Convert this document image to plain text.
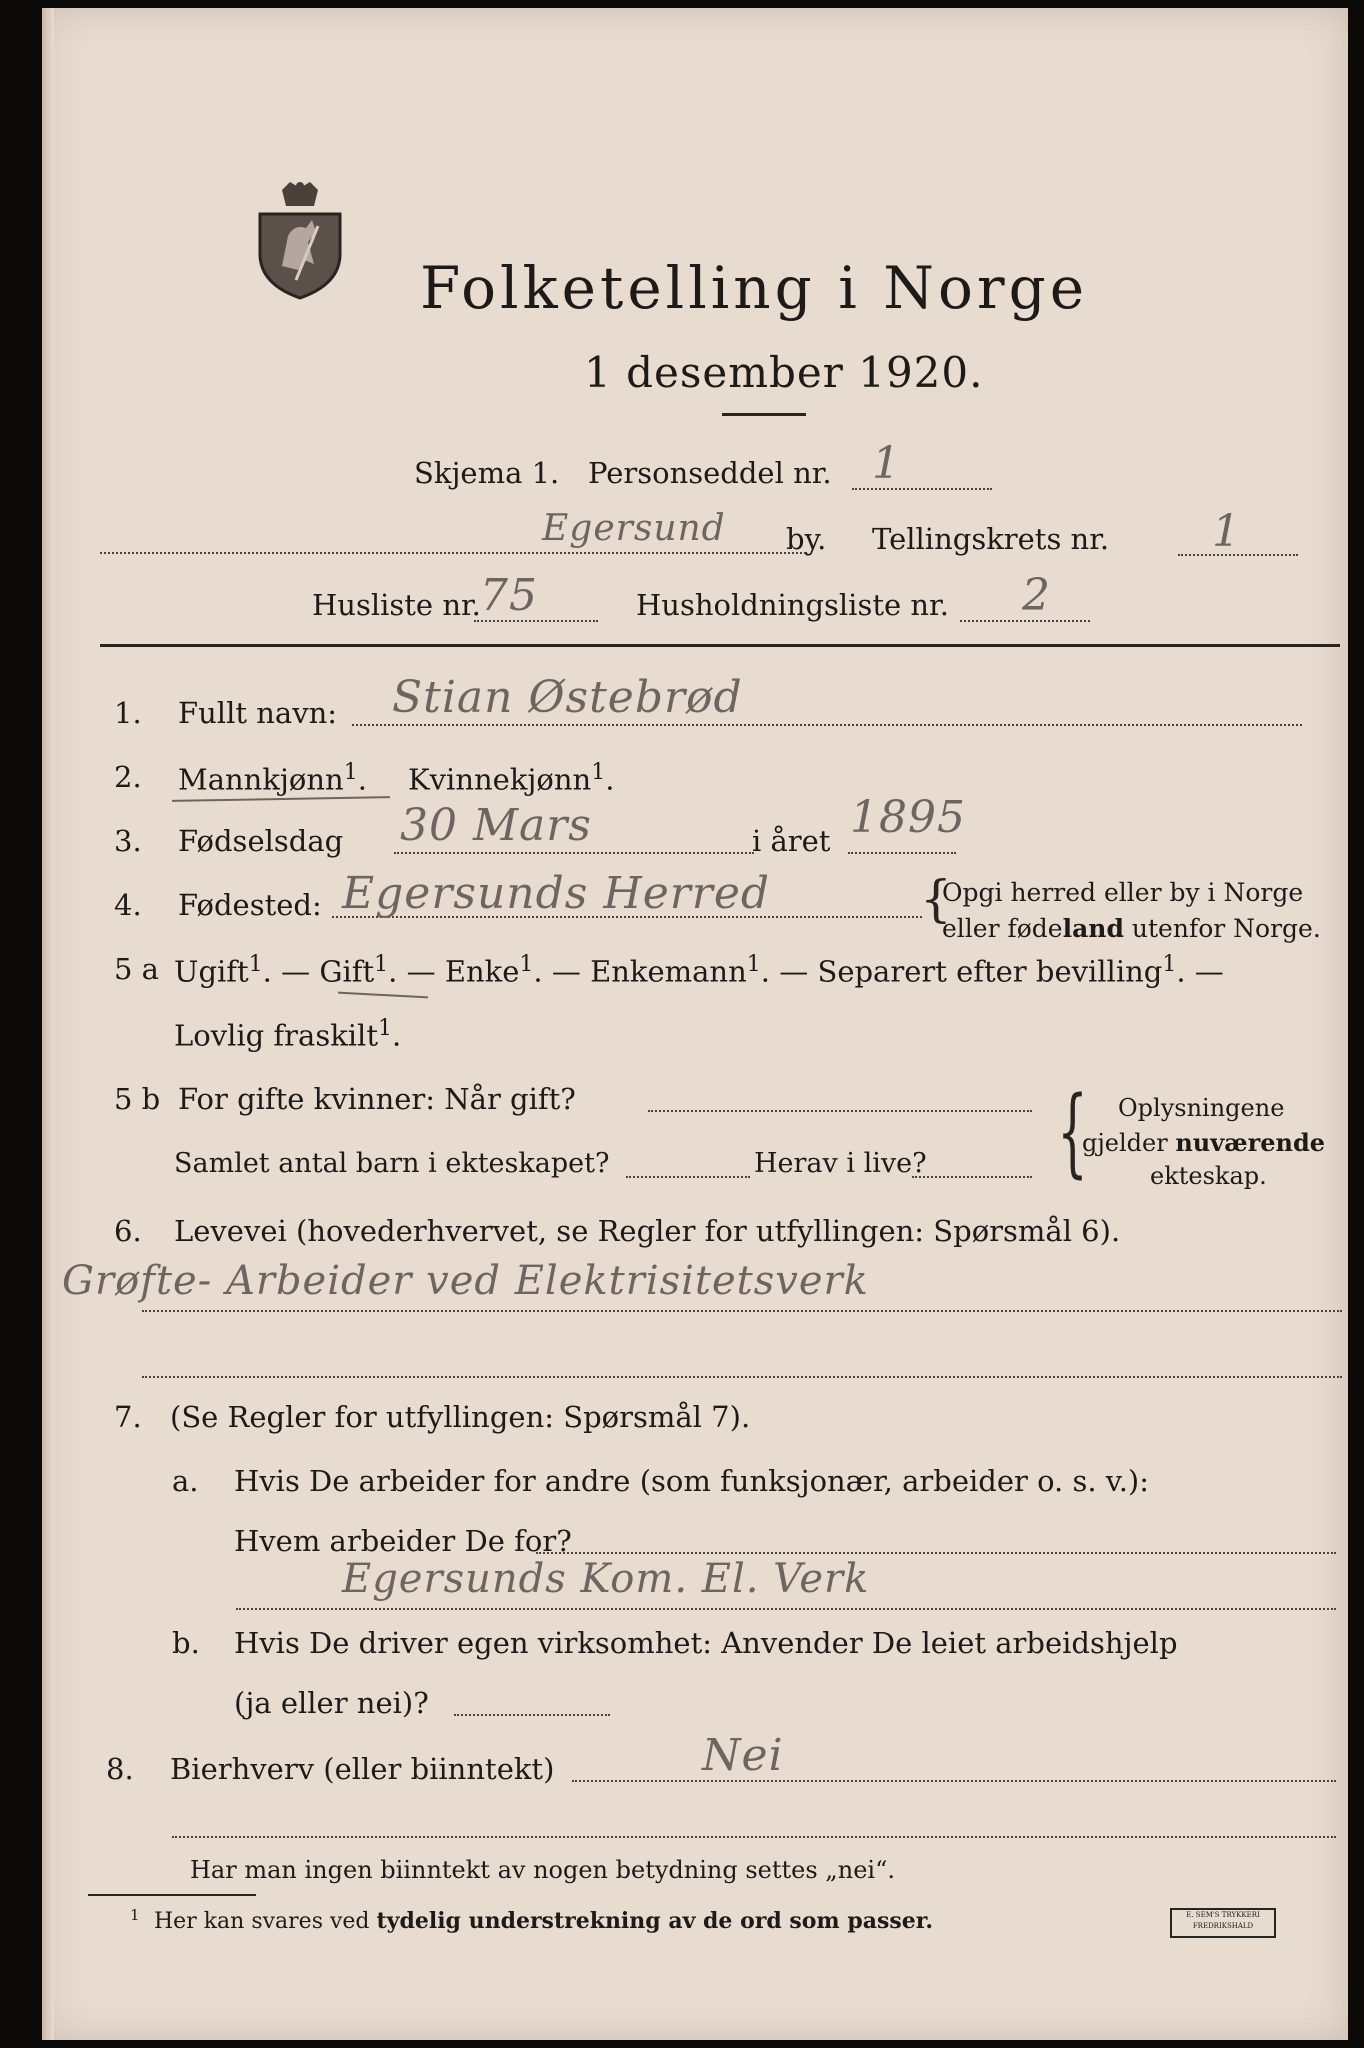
Folketelling i Norge
1 desember 1920.
Skjema 1. Personseddel nr. 1
Egersund by. Tellingskrets nr. 1
Husliste nr. 75	Husholdningsliste nr. 2
1. Fullt navn: Stian Østebrød
2. Mannkjønn$^1$. Kvinnekjønn$^1$.
3. Fødselsdag 30 Mars	i året 1895
4. Fødested: Egersunds Herred	{
Opgi herred eller by i Norge
eller fødeland utenfor Norge.
5 a Ugift$^1$. — Gift$^1$. — Enke$^1$. — Enkemann$^1$. — Separert efter bevilling$^1$. —
Lovlig fraskilt$^1$.
5 b For gifte kvinner: Når gift?
Samlet antal barn i ekteskapet?	Herav i live? { Oplysningene
gjelder nuværende
ekteskap.
6. Levevei (hovederhvervet, se Regler for utfyllingen: Spørsmål 6).
Grøfte- Arbeider ved Elektrisitetsverk
7. (Se Regler for utfyllingen: Spørsmål 7).
a. Hvis De arbeider for andre (som funksjonær, arbeider o. s. v.):
Hvem arbeider De for?
Egersunds Kom. El. Verk
b. Hvis De driver egen virksomhet: Anvender De leiet arbeidshjelp
(ja eller nei)?
8. Bierhverv (eller biinntekt)	Nei
Har man ingen biinntekt av nogen betydning settes „nei“.
1 Her kan svares ved tydelig understrekning av de ord som passer.	E. SEM'S TRYKKERI
FREDRIKSHALD
